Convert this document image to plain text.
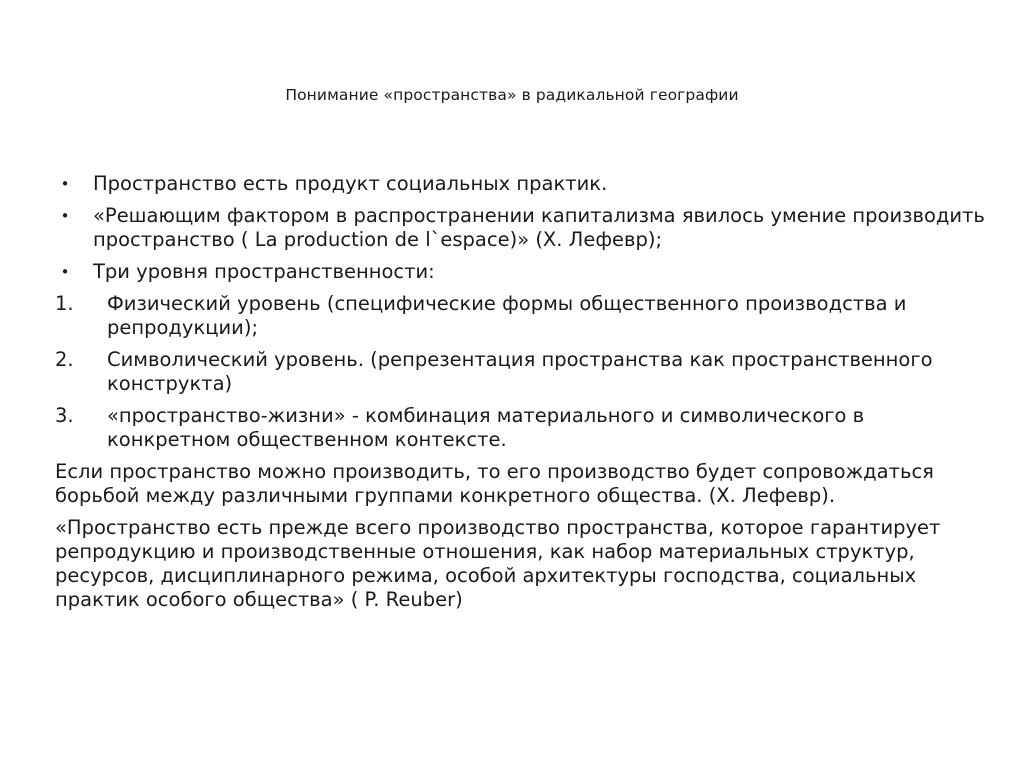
Понимание «пространства» в радикальной географии
• Пространство есть продукт социальных практик.
• «Решающим фактором в распространении капитализма явилось умение производить пространство ( La production de l`espace)» (Х. Лефевр);
• Три уровня пространственности:
1.	Физический уровень (специфические формы общественного производства и репродукции);
2.	Символический уровень. (репрезентация пространства как пространственного конструкта)
3.	«пространство-жизни» - комбинация материального и символического в конкретном общественном контексте.
Если пространство можно производить, то его производство будет сопровождаться борьбой между различными группами конкретного общества. (Х. Лефевр).
«Пространство есть прежде всего производство пространства, которое гарантирует репродукцию и производственные отношения, как набор материальных структур, ресурсов, дисциплинарного режима, особой архитектуры господства, социальных практик особого общества» ( P. Reuber)
